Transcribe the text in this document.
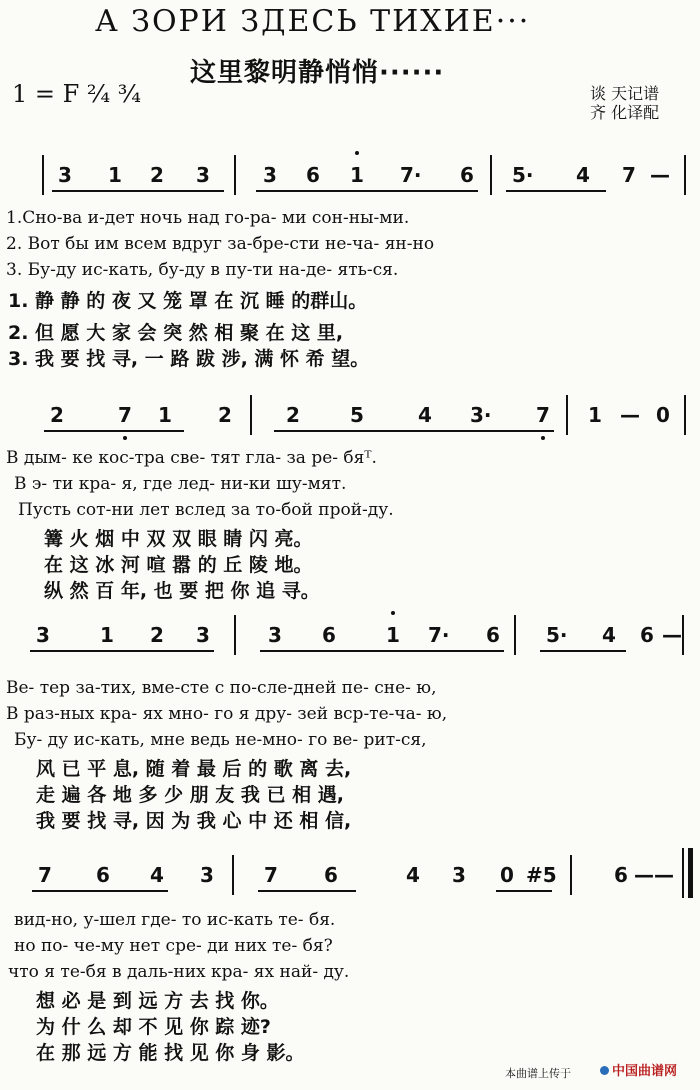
А ЗОРИ ЗДЕСЬ ТИХИЕ···
这里黎明静悄悄······
1 = F ²⁄₄ ³⁄₄	谈 天记谱
齐 化译配
3 1 2 3	3 6 1 7· 6 5· 4 7 —
1.Сно-ва и-дет ночь над го-ра- ми сон-ны-ми.
2. Вот бы им всем вдруг за-бре-сти не-ча- ян-но
3. Бу-ду ис-кать, бу-ду в пу-ти на-де- ять-ся.
1. 静 静 的 夜 又 笼 罩 在 沉 睡 的群山。
2. 但 愿 大 家 会 突 然 相 聚 在 这 里,
3. 我 要 找 寻, 一 路 跋 涉, 满 怀 希 望。
2	7 1 2	2	5	4 3· 7 1 — 0
В дым- ке кос-тра све- тят гла- за ре- бяᵀ.
В э- ти кра- я, где лед- ни-ки шу-мят.
Пусть сот-ни лет вслед за то-бой прой-ду.
篝 火 烟 中 双 双 眼 睛 闪 亮。
在 这 冰 河 喧 嚣 的 丘 陵 地。
纵 然 百 年, 也 要 把 你 追 寻。
3	1 2 3	3 6	1 7· 6 5· 4 6 —
Ве- тер за-тих, вме-сте с по-сле-дней пе- сне- ю,
В раз-ных кра- ях мно- го я дру- зей вср-те-ча- ю,
Бу- ду ис-кать, мне ведь не-мно- го ве- рит-ся,
风 已 平 息, 随 着 最 后 的 歌 离 去,
走 遍 各 地 多 少 朋 友 我 已 相 遇,
我 要 找 寻, 因 为 我 心 中 还 相 信,
7 6 4 3	7 6	4 3 0 #5	6 — —
вид-но, у-шел где- то ис-кать те- бя.
но по- че-му нет сре- ди них те- бя?
что я те-бя в даль-них кра- ях най- ду.
想 必 是 到 远 方 去 找 你。
为 什 么 却 不 见 你 踪 迹?
在 那 远 方 能 找 见 你 身 影。
本曲谱上传于	中国曲谱网
